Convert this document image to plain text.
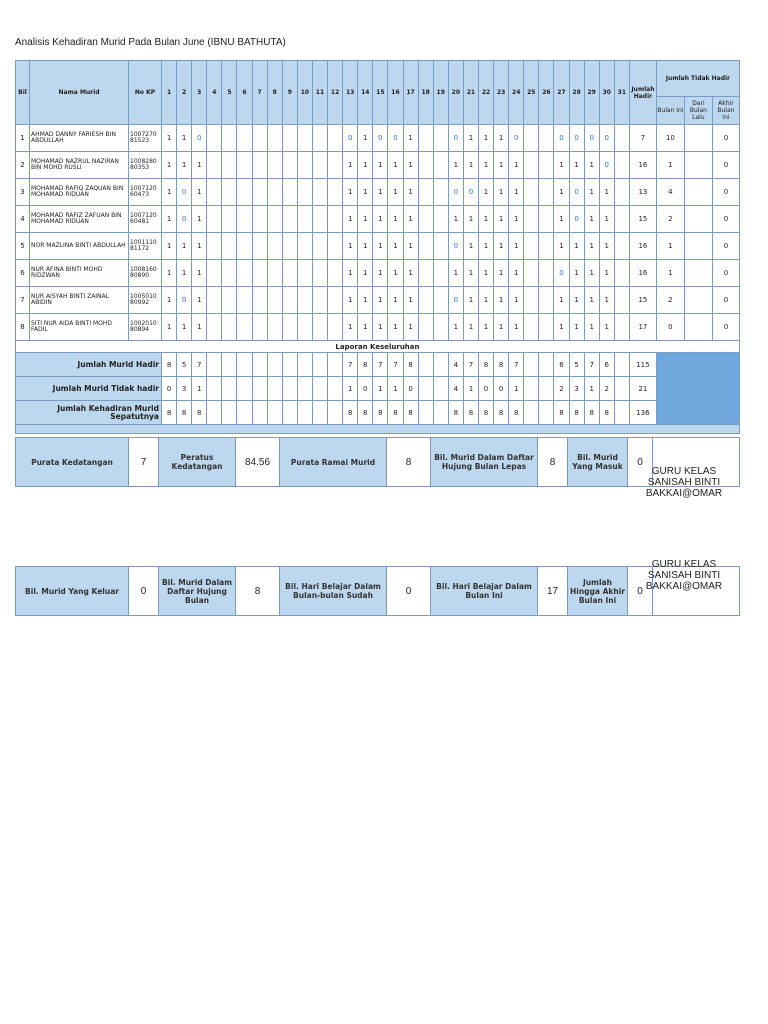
Analisis Kehadiran Murid Pada Bulan June (IBNU BATHUTA)
Bil	Nama Murid	No KP	1	2	3	4	5	6	7	8	9	10	11	12	13	14	15	16	17	18	19	20	21	22	23	24	25	26	27	28	29	30	31	Jumlah Hadir	Jumlah Tidak Hadir		
																																			Bulan Ini	Dari Bulan Lalu	Akhir Bulan Ini
1	AHMAD DANNY FARIESH BIN ABDULLAH	1007270 81523	1	1	0										0	1	0	0	1			0	1	1	1	0			0	0	0	0		7	10		0
2	MOHAMAD NAZRUL NAZIRAN BIN MOHD RUSLI	1008280 80353	1	1	1										1	1	1	1	1			1	1	1	1	1			1	1	1	0		16	1		0
3	MOHAMAD RAFIQ ZAQUAN BIN MOHAMAD RIDUAN	1007120 60473	1	0	1										1	1	1	1	1			0	0	1	1	1			1	0	1	1		13	4		0
4	MOHAMAD RAFIZ ZAFUAN BIN MOHAMAD RIDUAN	1007120 60481	1	0	1										1	1	1	1	1			1	1	1	1	1			1	0	1	1		15	2		0
5	NOR MAZLINA BINTI ABDULLAH	1001110 81172	1	1	1										1	1	1	1	1			0	1	1	1	1			1	1	1	1		16	1		0
6	NUR AFINA BINTI MOHD RIDZWAN	1008160 80890	1	1	1										1	1	1	1	1			1	1	1	1	1			0	1	1	1		16	1		0
7	NUR AISYAH BINTI ZAINAL ABIDIN	1005010 80992	1	0	1										1	1	1	1	1			0	1	1	1	1			1	1	1	1		15	2		0
8	SITI NUR AIDA BINTI MOHD FADIL	1002010 80894	1	1	1										1	1	1	1	1			1	1	1	1	1			1	1	1	1		17	0		0
Laporan Keseluruhan																																					
Jumlah Murid Hadir			8	5	7										7	8	7	7	8			4	7	8	8	7			6	5	7	6		115			
Jumlah Murid Tidak hadir			0	3	1										1	0	1	1	0			4	1	0	0	1			2	3	1	2		21			
Jumlah Kehadiran Murid Sepatutnya			8	8	8										8	8	8	8	8			8	8	8	8	8			8	8	8	8		136			

Purata Kedatangan	7	Peratus Kedatangan	84.56	Purata Ramai Murid	8	Bil. Murid Dalam Daftar Hujung Bulan Lepas	8	Bil. Murid Yang Masuk	0	
GURU KELAS SANISAH BINTI BAKKAI@OMAR
Bil. Murid Yang Keluar	0	Bil. Murid Dalam Daftar Hujung Bulan	8	Bil. Hari Belajar Dalam Bulan-bulan Sudah	0	Bil. Hari Belajar Dalam Bulan Ini	17	Jumlah Hingga Akhir Bulan Ini	0	
GURU KELAS SANISAH BINTI BAKKAI@OMAR
